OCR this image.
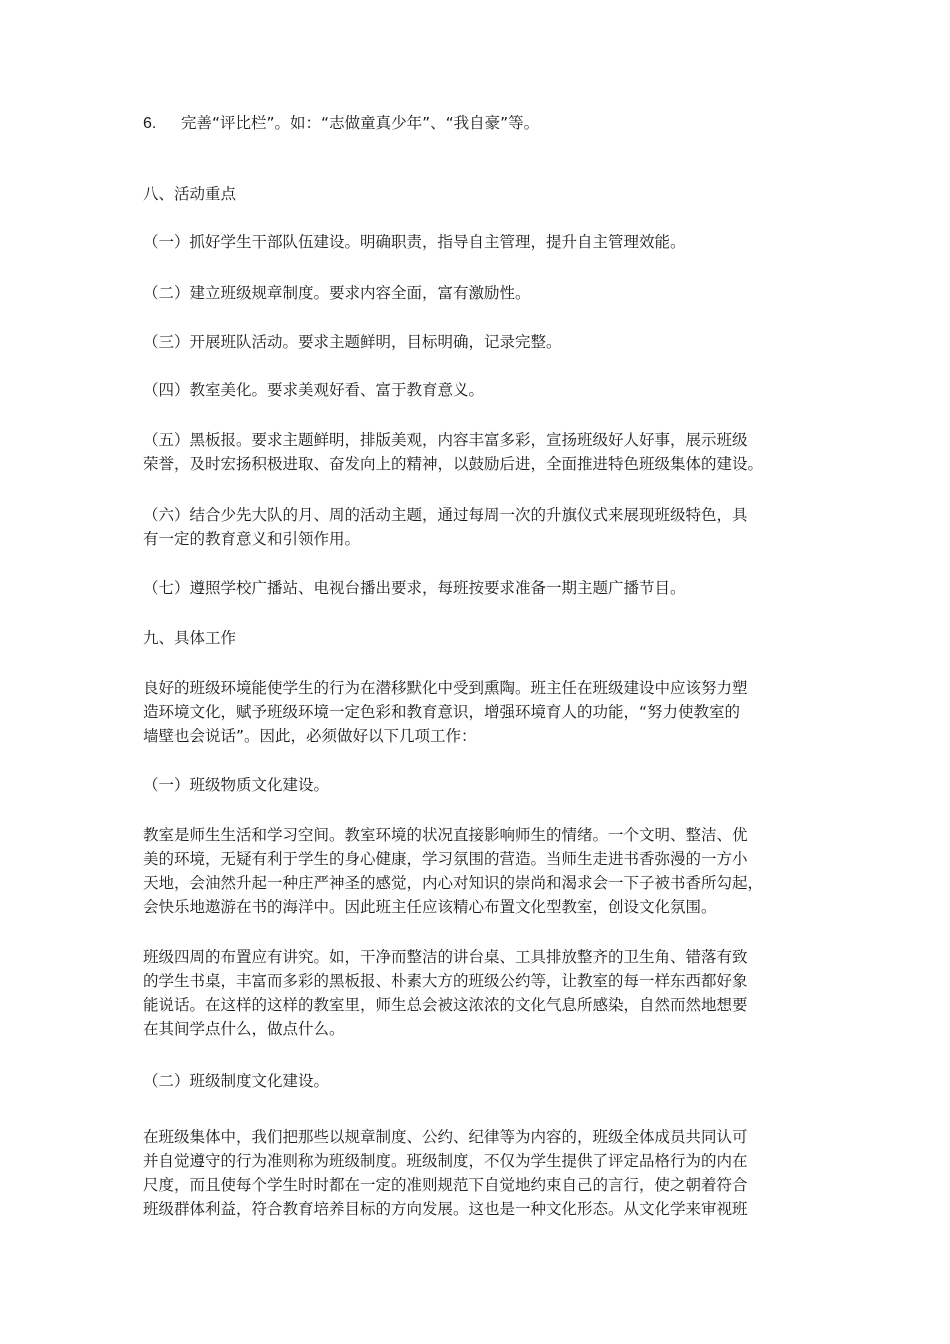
6. 完善“评比栏”。如：“志做童真少年”、“我自豪”等。
八、活动重点
（一）抓好学生干部队伍建设。明确职责，指导自主管理，提升自主管理效能。
（二）建立班级规章制度。要求内容全面，富有激励性。
（三）开展班队活动。要求主题鲜明，目标明确，记录完整。
（四）教室美化。要求美观好看、富于教育意义。
（五）黑板报。要求主题鲜明，排版美观，内容丰富多彩，宣扬班级好人好事，展示班级
荣誉，及时宏扬积极进取、奋发向上的精神，以鼓励后进，全面推进特色班级集体的建设。
（六）结合少先大队的月、周的活动主题，通过每周一次的升旗仪式来展现班级特色，具
有一定的教育意义和引领作用。
（七）遵照学校广播站、电视台播出要求，每班按要求准备一期主题广播节目。
九、具体工作
良好的班级环境能使学生的行为在潜移默化中受到熏陶。班主任在班级建设中应该努力塑
造环境文化，赋予班级环境一定色彩和教育意识，增强环境育人的功能，“努力使教室的
墙壁也会说话”。因此，必须做好以下几项工作：
（一）班级物质文化建设。
教室是师生生活和学习空间。教室环境的状况直接影响师生的情绪。一个文明、整洁、优
美的环境，无疑有利于学生的身心健康，学习氛围的营造。当师生走进书香弥漫的一方小
天地，会油然升起一种庄严神圣的感觉，内心对知识的崇尚和渴求会一下子被书香所勾起，
会快乐地遨游在书的海洋中。因此班主任应该精心布置文化型教室，创设文化氛围。
班级四周的布置应有讲究。如，干净而整洁的讲台桌、工具排放整齐的卫生角、错落有致
的学生书桌，丰富而多彩的黑板报、朴素大方的班级公约等，让教室的每一样东西都好象
能说话。在这样的这样的教室里，师生总会被这浓浓的文化气息所感染，自然而然地想要
在其间学点什么，做点什么。
（二）班级制度文化建设。
在班级集体中，我们把那些以规章制度、公约、纪律等为内容的，班级全体成员共同认可
并自觉遵守的行为准则称为班级制度。班级制度，不仅为学生提供了评定品格行为的内在
尺度，而且使每个学生时时都在一定的准则规范下自觉地约束自己的言行，使之朝着符合
班级群体利益，符合教育培养目标的方向发展。这也是一种文化形态。从文化学来审视班
